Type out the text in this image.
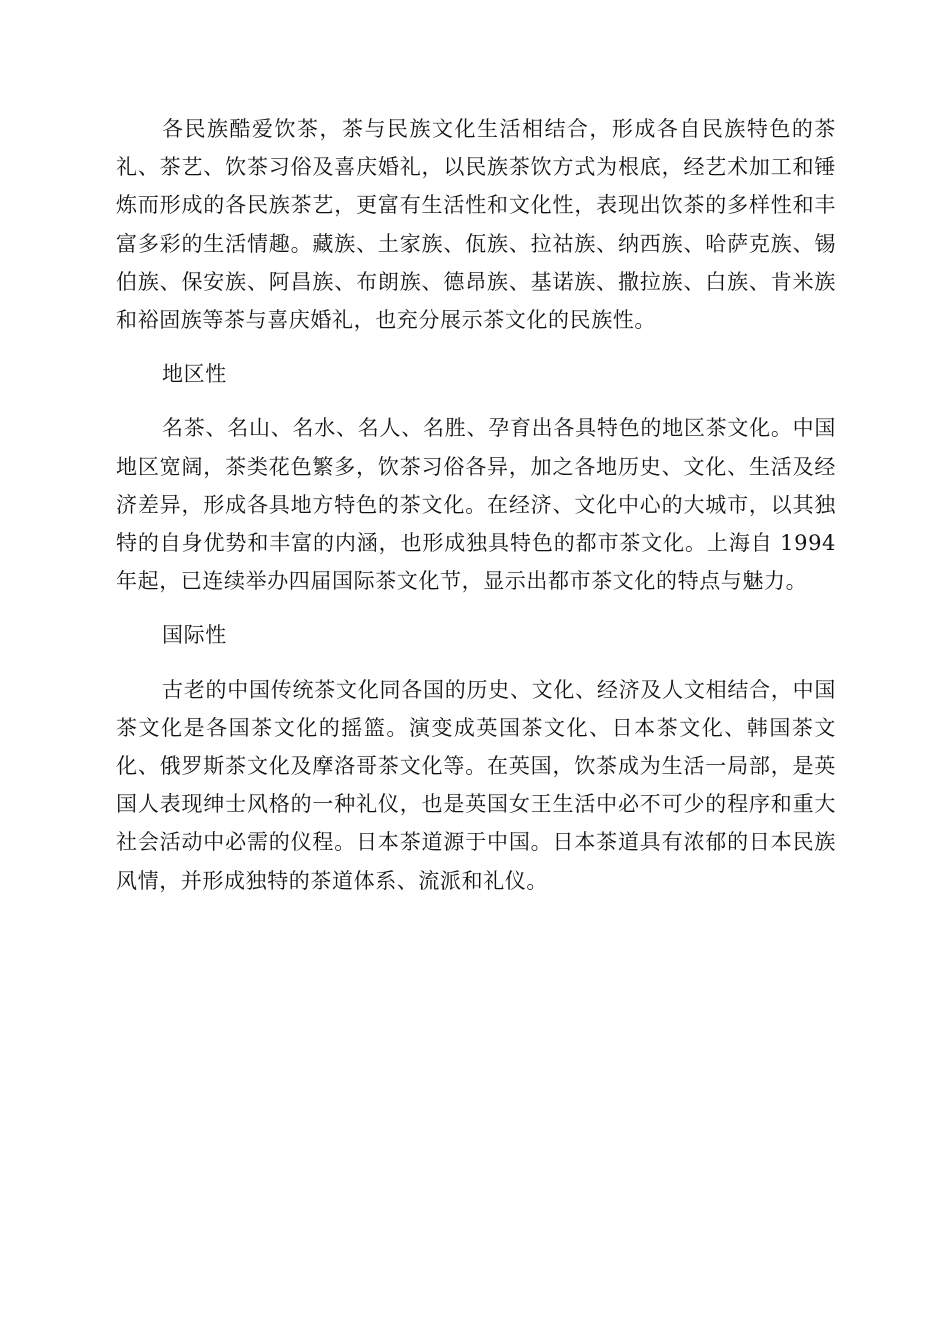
各民族酷爱饮茶，茶与民族文化生活相结合，形成各自民族特色的茶礼、茶艺、饮茶习俗及喜庆婚礼，以民族茶饮方式为根底，经艺术加工和锤炼而形成的各民族茶艺，更富有生活性和文化性，表现出饮茶的多样性和丰富多彩的生活情趣。藏族、土家族、佤族、拉祜族、纳西族、哈萨克族、锡伯族、保安族、阿昌族、布朗族、德昂族、基诺族、撒拉族、白族、肯米族和裕固族等茶与喜庆婚礼，也充分展示茶文化的民族性。

地区性

名茶、名山、名水、名人、名胜、孕育出各具特色的地区茶文化。中国地区宽阔，茶类花色繁多，饮茶习俗各异，加之各地历史、文化、生活及经济差异，形成各具地方特色的茶文化。在经济、文化中心的大城市，以其独特的自身优势和丰富的内涵，也形成独具特色的都市茶文化。上海自 1994 年起，已连续举办四届国际茶文化节，显示出都市茶文化的特点与魅力。

国际性

古老的中国传统茶文化同各国的历史、文化、经济及人文相结合，中国茶文化是各国茶文化的摇篮。演变成英国茶文化、日本茶文化、韩国茶文化、俄罗斯茶文化及摩洛哥茶文化等。在英国，饮茶成为生活一局部，是英国人表现绅士风格的一种礼仪，也是英国女王生活中必不可少的程序和重大社会活动中必需的仪程。日本茶道源于中国。日本茶道具有浓郁的日本民族风情，并形成独特的茶道体系、流派和礼仪。
